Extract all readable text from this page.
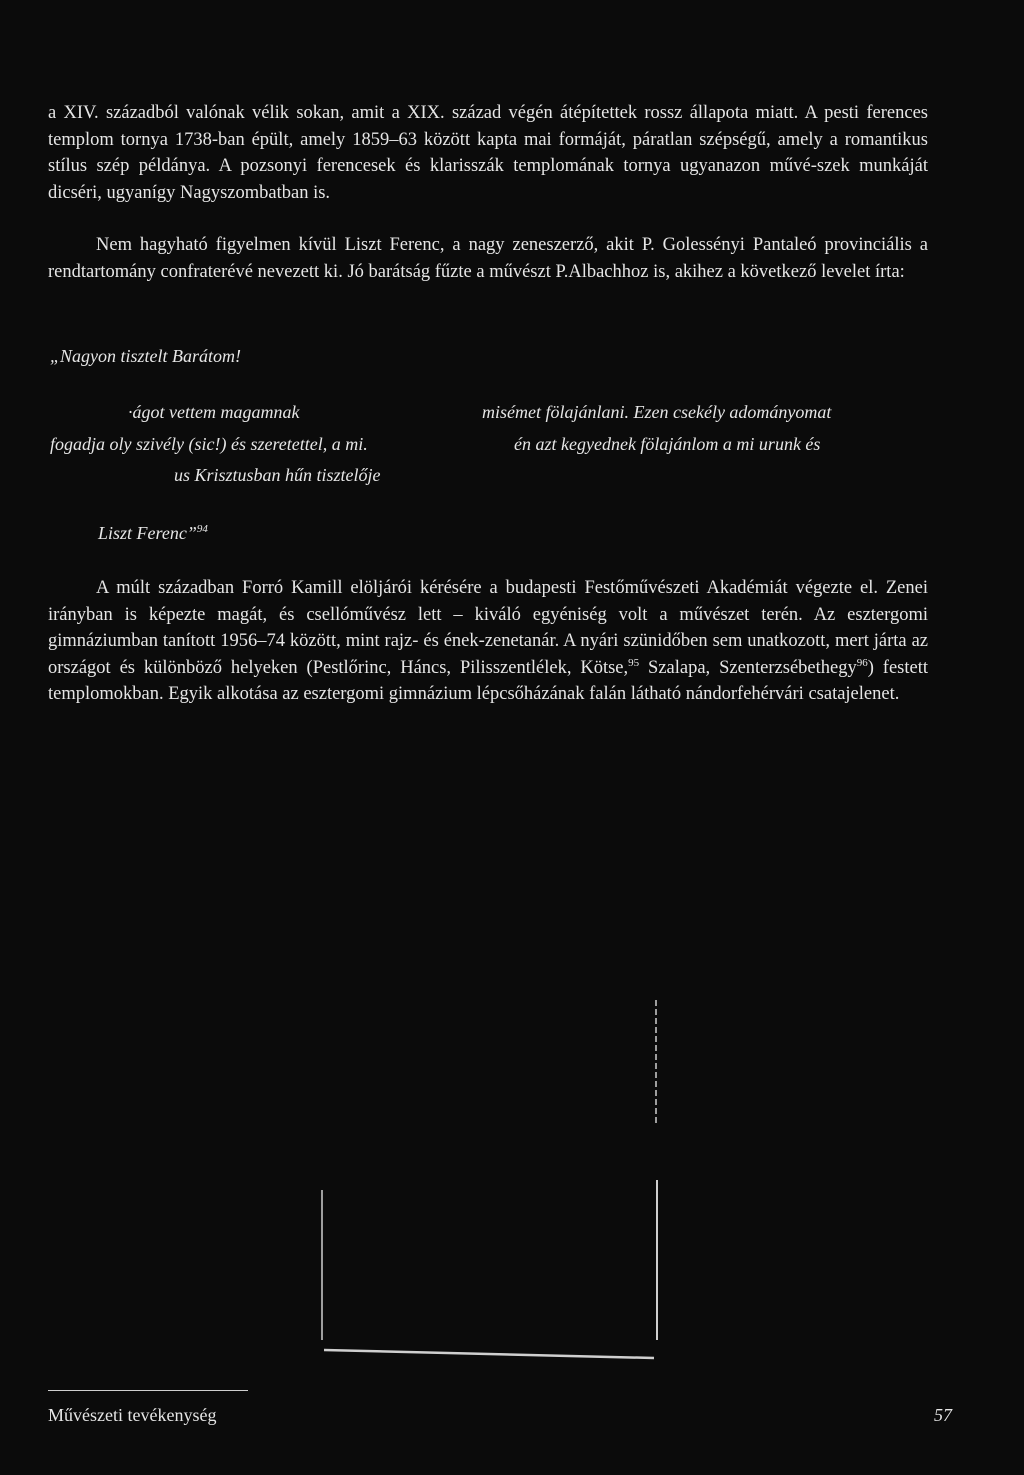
a XIV. századból valónak vélik sokan, amit a XIX. század végén átépítettek rossz állapota miatt. A pesti ferences templom tornya 1738-ban épült, amely 1859–63 között kapta mai formáját, páratlan szépségű, amely a romantikus stílus szép példánya. A pozsonyi ferencesek és klarisszák templomának tornya ugyanazon művé-szek munkáját dicséri, ugyanígy Nagyszombatban is.

Nem hagyható figyelmen kívül Liszt Ferenc, a nagy zeneszerző, akit P. Golessényi Pantaleó provinciális a rendtartomány confraterévé nevezett ki. Jó barátság fűzte a művészt P.Albachhoz is, akihez a következő levelet írta:

„Nagyon tisztelt Barátom!

·ágot vettem magamnak	misémet fölajánlani. Ezen csekély adományomat

fogadja oly szivély (sic!) és szeretettel, a mi.	én azt kegyednek fölajánlom a mi urunk és

us Krisztusban hűn tisztelője

Liszt Ferenc”$^{94}$

A múlt században Forró Kamill elöljárói kérésére a budapesti Festőművészeti Akadémiát végezte el. Zenei irányban is képezte magát, és csellóművész lett – kiváló egyéniség volt a művészet terén. Az esztergomi gimnáziumban tanított 1956–74 között, mint rajz- és ének-zenetanár. A nyári szünidőben sem unatkozott, mert járta az országot és különböző helyeken (Pestlőrinc, Háncs, Pilisszentlélek, Kötse,$^{95}$ Szalapa, Szenterzsébethegy$^{96}$) festett templomokban. Egyik alkotása az esztergomi gimnázium lépcsőházának falán látható nándorfehérvári csatajelenet.

Művészeti tevékenység	57
